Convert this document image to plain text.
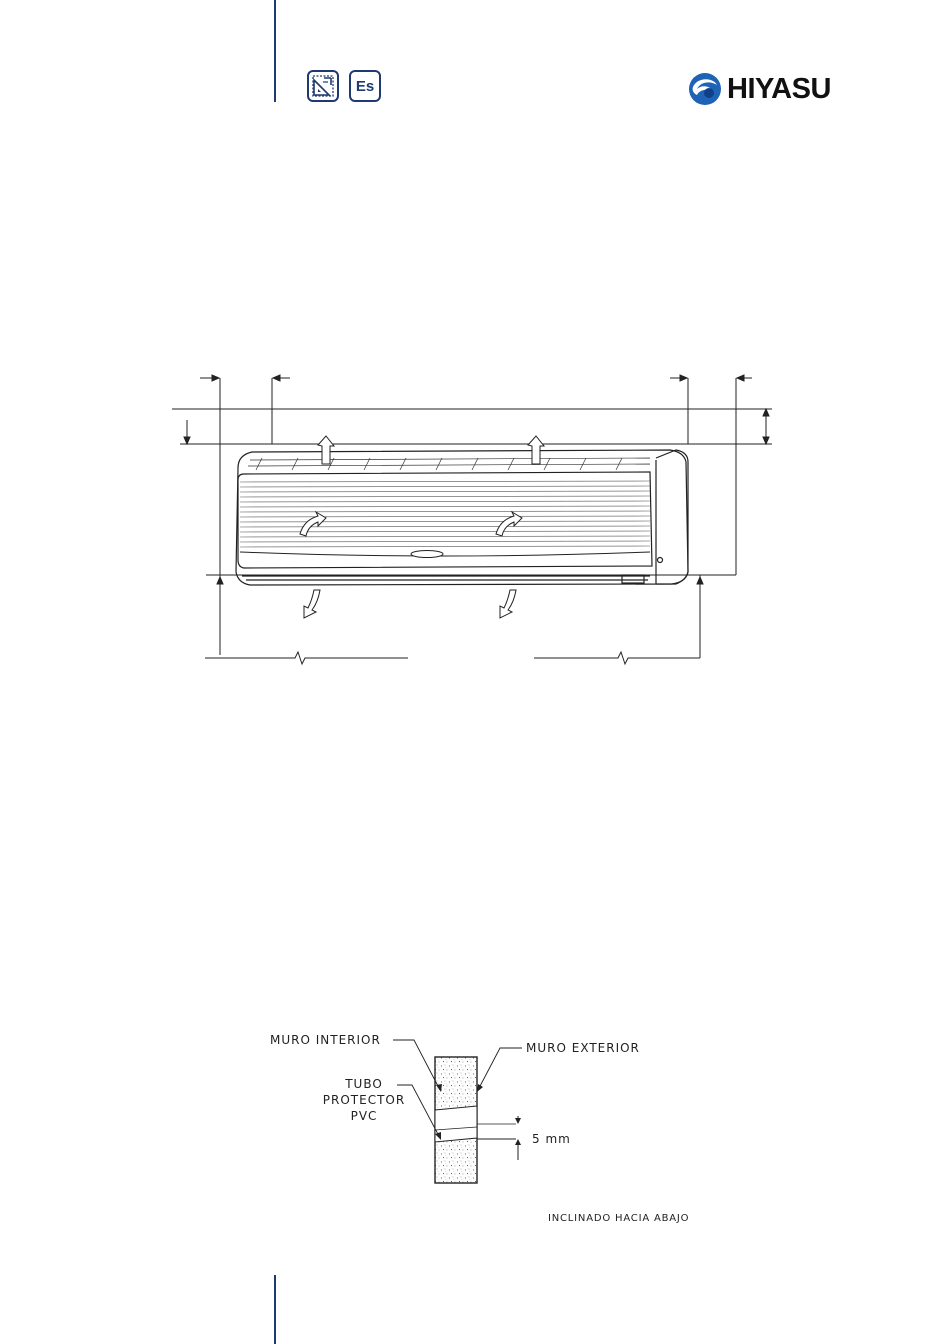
Es	HIYASU
MURO INTERIOR
MURO EXTERIOR
TUBO
PROTECTOR
PVC
5 mm
INCLINADO HACIA ABAJO
